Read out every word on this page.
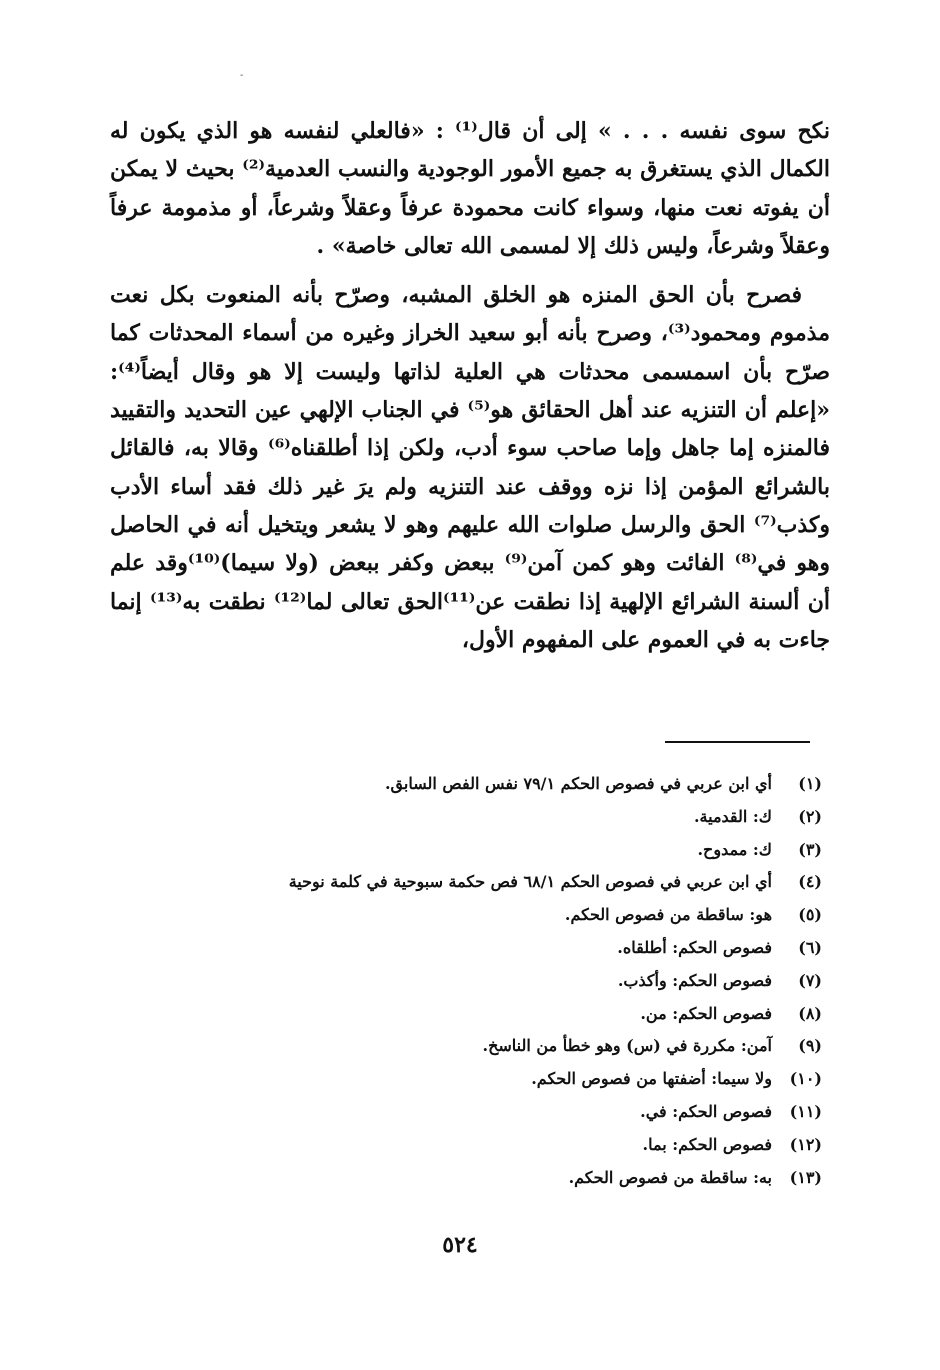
-

نكح سوى نفسه . . . » إلى أن قال⁽¹⁾ : «فالعلي لنفسه هو الذي يكون له الكمال الذي يستغرق به جميع الأمور الوجودية والنسب العدمية⁽²⁾ بحيث لا يمكن أن يفوته نعت منها، وسواء كانت محمودة عرفاً وعقلاً وشرعاً، أو مذمومة عرفاً وعقلاً وشرعاً، وليس ذلك إلا لمسمى الله تعالى خاصة» .

فصرح بأن الحق المنزه هو الخلق المشبه، وصرّح بأنه المنعوت بكل نعت مذموم ومحمود⁽³⁾، وصرح بأنه أبو سعيد الخراز وغيره من أسماء المحدثات كما صرّح بأن اسمسمى محدثات هي العلية لذاتها وليست إلا هو وقال أيضاً⁽⁴⁾: «إعلم أن التنزيه عند أهل الحقائق هو⁽⁵⁾ في الجناب الإلهي عين التحديد والتقييد فالمنزه إما جاهل وإما صاحب سوء أدب، ولكن إذا أطلقناه⁽⁶⁾ وقالا به، فالقائل بالشرائع المؤمن إذا نزه ووقف عند التنزيه ولم يرَ غير ذلك فقد أساء الأدب وكذب⁽⁷⁾ الحق والرسل صلوات الله عليهم وهو لا يشعر ويتخيل أنه في الحاصل وهو في⁽⁸⁾ الفائت وهو كمن آمن⁽⁹⁾ ببعض وكفر ببعض (ولا سيما)⁽¹⁰⁾وقد علم أن ألسنة الشرائع الإلهية إذا نطقت عن⁽¹¹⁾الحق تعالى لما⁽¹²⁾ نطقت به⁽¹³⁾ إنما جاءت به في العموم على المفهوم الأول،

(١)
أي ابن عربي في فصوص الحكم ٧٩/١ نفس الفص السابق.
(٢)
ك: القدمية.
(٣)
ك: ممدوح.
(٤)
أي ابن عربي في فصوص الحكم ٦٨/١ فص حكمة سبوحية في كلمة نوحية
(٥)
هو: ساقطة من فصوص الحكم.
(٦)
فصوص الحكم: أطلقاه.
(٧)
فصوص الحكم: وأكذب.
(٨)
فصوص الحكم: من.
(٩)
آمن: مكررة في (س) وهو خطأ من الناسخ.
(١٠)
ولا سيما: أضفتها من فصوص الحكم.
(١١)
فصوص الحكم: في.
(١٢)
فصوص الحكم: بما.
(١٣)
به: ساقطة من فصوص الحكم.
٥٢٤
